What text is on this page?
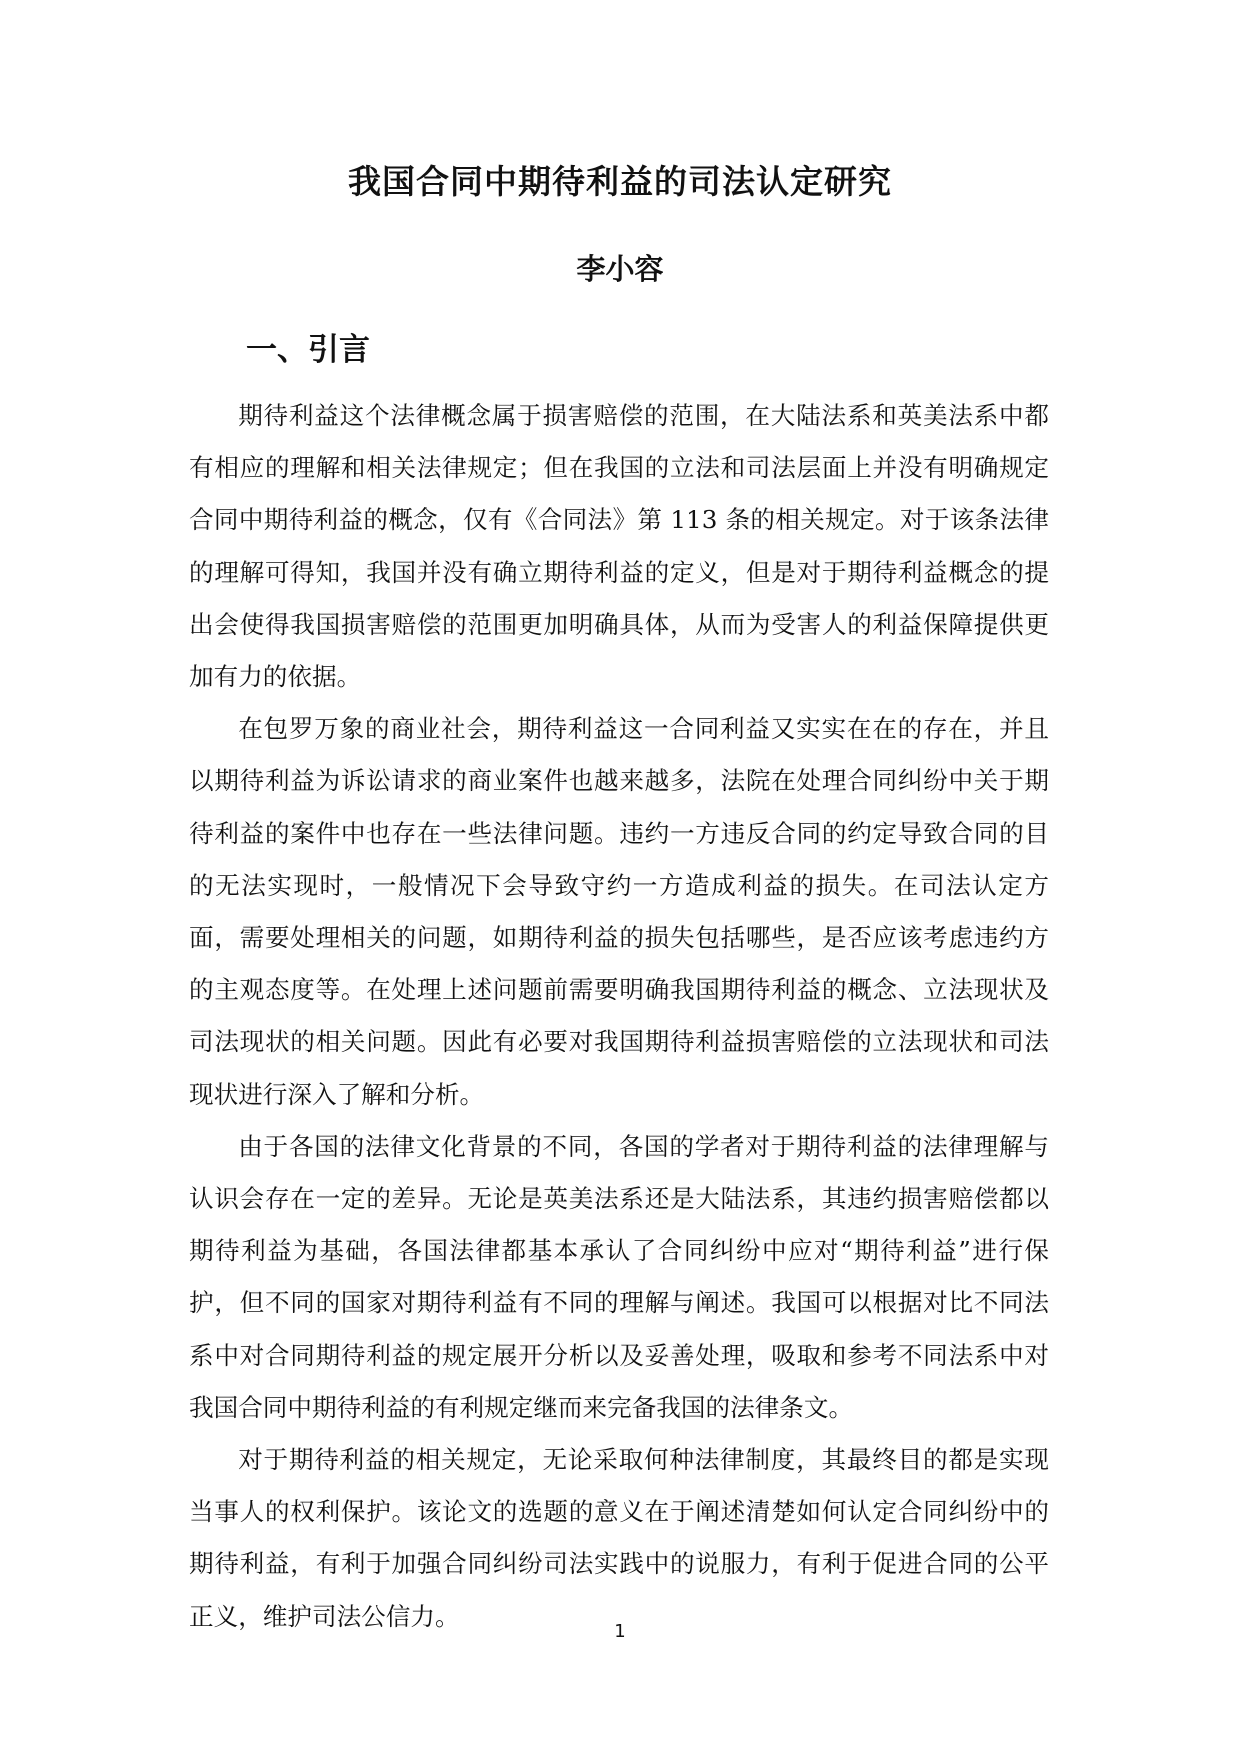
我国合同中期待利益的司法认定研究
李小容
一、引言

期待利益这个法律概念属于损害赔偿的范围，在大陆法系和英美法系中都有相应的理解和相关法律规定；但在我国的立法和司法层面上并没有明确规定合同中期待利益的概念，仅有《合同法》第 113 条的相关规定。对于该条法律的理解可得知，我国并没有确立期待利益的定义，但是对于期待利益概念的提出会使得我国损害赔偿的范围更加明确具体，从而为受害人的利益保障提供更加有力的依据。

在包罗万象的商业社会，期待利益这一合同利益又实实在在的存在，并且以期待利益为诉讼请求的商业案件也越来越多，法院在处理合同纠纷中关于期待利益的案件中也存在一些法律问题。违约一方违反合同的约定导致合同的目的无法实现时，一般情况下会导致守约一方造成利益的损失。在司法认定方面，需要处理相关的问题，如期待利益的损失包括哪些，是否应该考虑违约方的主观态度等。在处理上述问题前需要明确我国期待利益的概念、立法现状及司法现状的相关问题。因此有必要对我国期待利益损害赔偿的立法现状和司法现状进行深入了解和分析。

由于各国的法律文化背景的不同，各国的学者对于期待利益的法律理解与认识会存在一定的差异。无论是英美法系还是大陆法系，其违约损害赔偿都以期待利益为基础，各国法律都基本承认了合同纠纷中应对“期待利益”进行保护，但不同的国家对期待利益有不同的理解与阐述。我国可以根据对比不同法系中对合同期待利益的规定展开分析以及妥善处理，吸取和参考不同法系中对我国合同中期待利益的有利规定继而来完备我国的法律条文。

对于期待利益的相关规定，无论采取何种法律制度，其最终目的都是实现当事人的权利保护。该论文的选题的意义在于阐述清楚如何认定合同纠纷中的期待利益，有利于加强合同纠纷司法实践中的说服力，有利于促进合同的公平正义，维护司法公信力。

1
